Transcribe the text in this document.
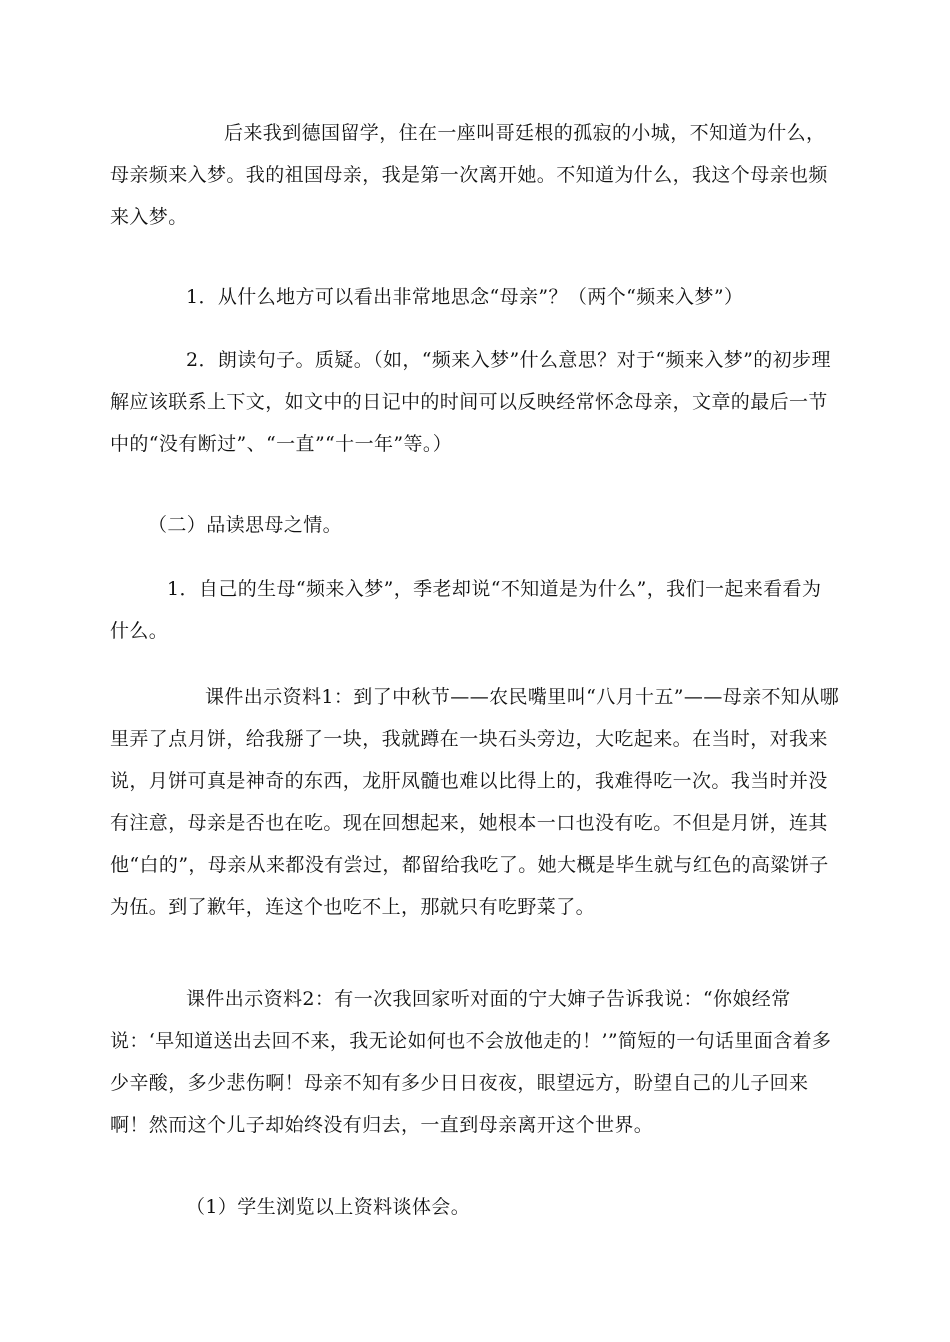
后来我到德国留学，住在一座叫哥廷根的孤寂的小城，不知道为什么，母亲频来入梦。我的祖国母亲，我是第一次离开她。不知道为什么，我这个母亲也频来入梦。

1．从什么地方可以看出非常地思念“母亲”？（两个“频来入梦”）

2．朗读句子。质疑。（如，“频来入梦”什么意思？对于“频来入梦”的初步理解应该联系上下文，如文中的日记中的时间可以反映经常怀念母亲，文章的最后一节中的“没有断过”、“一直”“十一年”等。）

（二）品读思母之情。

1．自己的生母“频来入梦”，季老却说“不知道是为什么”，我们一起来看看为什么。

课件出示资料1：到了中秋节——农民嘴里叫“八月十五”——母亲不知从哪里弄了点月饼，给我掰了一块，我就蹲在一块石头旁边，大吃起来。在当时，对我来说，月饼可真是神奇的东西，龙肝凤髓也难以比得上的，我难得吃一次。我当时并没有注意，母亲是否也在吃。现在回想起来，她根本一口也没有吃。不但是月饼，连其他“白的”，母亲从来都没有尝过，都留给我吃了。她大概是毕生就与红色的高粱饼子为伍。到了歉年，连这个也吃不上，那就只有吃野菜了。

课件出示资料2：有一次我回家听对面的宁大婶子告诉我说：“你娘经常说：‘早知道送出去回不来，我无论如何也不会放他走的！’”简短的一句话里面含着多少辛酸，多少悲伤啊！母亲不知有多少日日夜夜，眼望远方，盼望自己的儿子回来啊！然而这个儿子却始终没有归去，一直到母亲离开这个世界。

（1）学生浏览以上资料谈体会。
